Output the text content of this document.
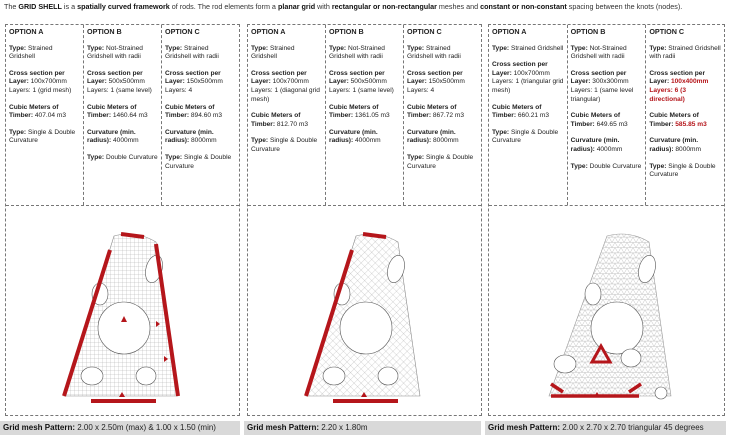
The GRID SHELL is a spatially curved framework of rods. The rod elements form a planar grid with rectangular or non-rectangular meshes and constant or non-constant spacing between the knots (nodes).
OPTION A
Type: Strained Gridshell
Cross section per Layer: 100x700mm
Layers: 1 (grid mesh)
Cubic Meters of Timber: 407.04 m3
Type: Single & Double Curvature
OPTION B
Type: Not-Strained Gridshell with radii
Cross section per Layer: 500x500mm
Layers: 1 (same level)
Cubic Meters of Timber: 1460.64 m3
Curvature (min. radius): 4000mm
Type: Double Curvature
OPTION C
Type: Strained Gridshell with radii
Cross section per Layer: 150x500mm
Layers: 4
Cubic Meters of Timber: 894.60 m3
Curvature (min. radius): 8000mm
Type: Single & Double Curvature
OPTION A
Type: Strained Gridshell
Cross section per Layer: 100x700mm
Layers: 1 (diagonal grid mesh)
Cubic Meters of Timber: 812.70 m3
Type: Single & Double Curvature
OPTION B
Type: Not-Strained Gridshell with radii
Cross section per Layer: 500x500mm
Layers: 1 (same level)
Cubic Meters of Timber: 1361.05 m3
Curvature (min. radius): 4000mm
OPTION C
Type: Strained Gridshell with radii
Cross section per Layer: 150x500mm
Layers: 4
Cubic Meters of Timber: 867.72 m3
Curvature (min. radius): 8000mm
Type: Single & Double Curvature
OPTION A
Type: Strained Gridshell
Cross section per Layer: 100x700mm
Layers: 1 (triangular grid mesh)
Cubic Meters of Timber: 660.21 m3
Type: Single & Double Curvature
OPTION B
Type: Not-Strained Gridshell with radii
Cross section per Layer: 300x300mm
Layers: 1 (same level triangular)
Cubic Meters of Timber: 649.65 m3
Curvature (min. radius): 4000mm
Type: Double Curvature
OPTION C
Type: Strained Gridshell with radii
Cross section per Layer: 100x400mm
Layers: 6 (3 directional)
Cubic Meters of Timber: 585.85 m3
Curvature (min. radius): 8000mm
Type: Single & Double Curvature
Grid mesh Pattern: 2.00 x 2.50m (max) & 1.00 x 1.50 (min)	Grid mesh Pattern: 2.20 x 1.80m	Grid mesh Pattern: 2.00 x 2.70 x 2.70 triangular 45 degrees
